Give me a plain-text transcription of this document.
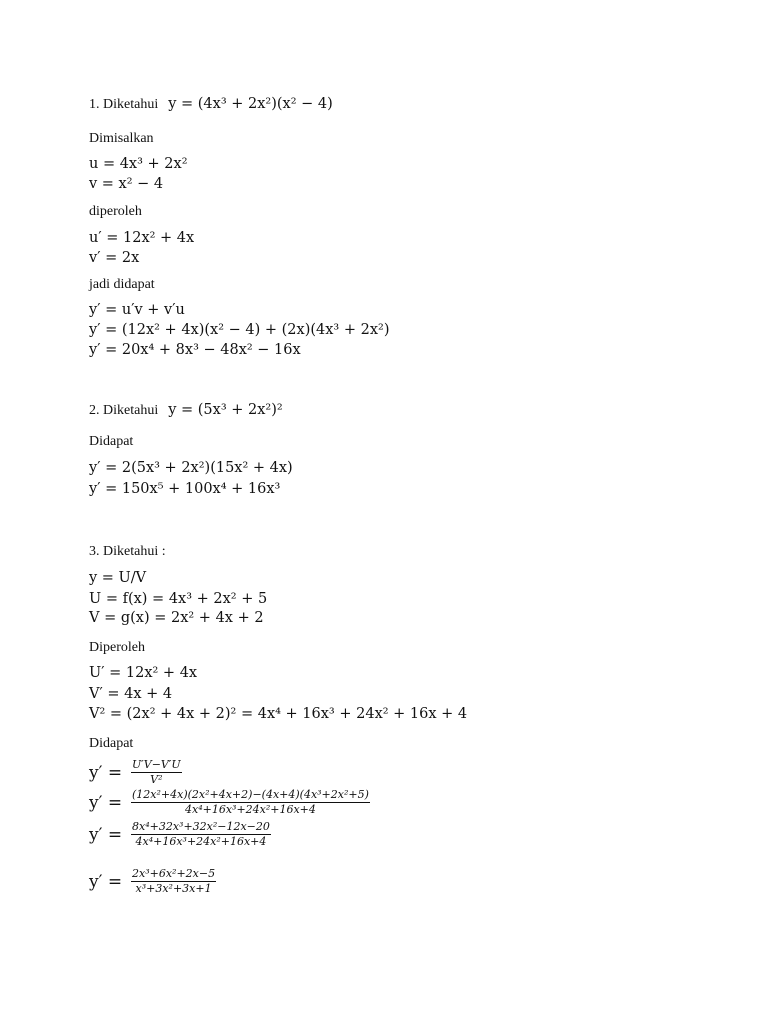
1. Diketahui y = (4x³ + 2x²)(x² − 4)
Dimisalkan
u = 4x³ + 2x²
v = x² − 4
diperoleh
u′ = 12x² + 4x
v′ = 2x
jadi didapat
y′ = u′v + v′u
y′ = (12x² + 4x)(x² − 4) + (2x)(4x³ + 2x²)
y′ = 20x⁴ + 8x³ − 48x² − 16x
2. Diketahui y = (5x³ + 2x²)²
Didapat
y′ = 2(5x³ + 2x²)(15x² + 4x)
y′ = 150x⁵ + 100x⁴ + 16x³
3. Diketahui :
y = U/V
U = f(x) = 4x³ + 2x² + 5
V = g(x) = 2x² + 4x + 2
Diperoleh
U′ = 12x² + 4x
V′ = 4x + 4
V² = (2x² + 4x + 2)² = 4x⁴ + 16x³ + 24x² + 16x + 4
Didapat
$y' = \frac{U'V-V'U}{\text{V²}}$
$y' = \frac{\text{(12x²+4x)(2x²+4x+2)−(4x+4)(4x³+2x²+5)}}{\text{4x⁴+16x³+24x²+16x+4}}$
$y' = \frac{\text{8x⁴+32x³+32x²−12x−20}}{\text{4x⁴+16x³+24x²+16x+4}}$
$y' = \frac{\text{2x³+6x²+2x−5}}{\text{x³+3x²+3x+1}}$
